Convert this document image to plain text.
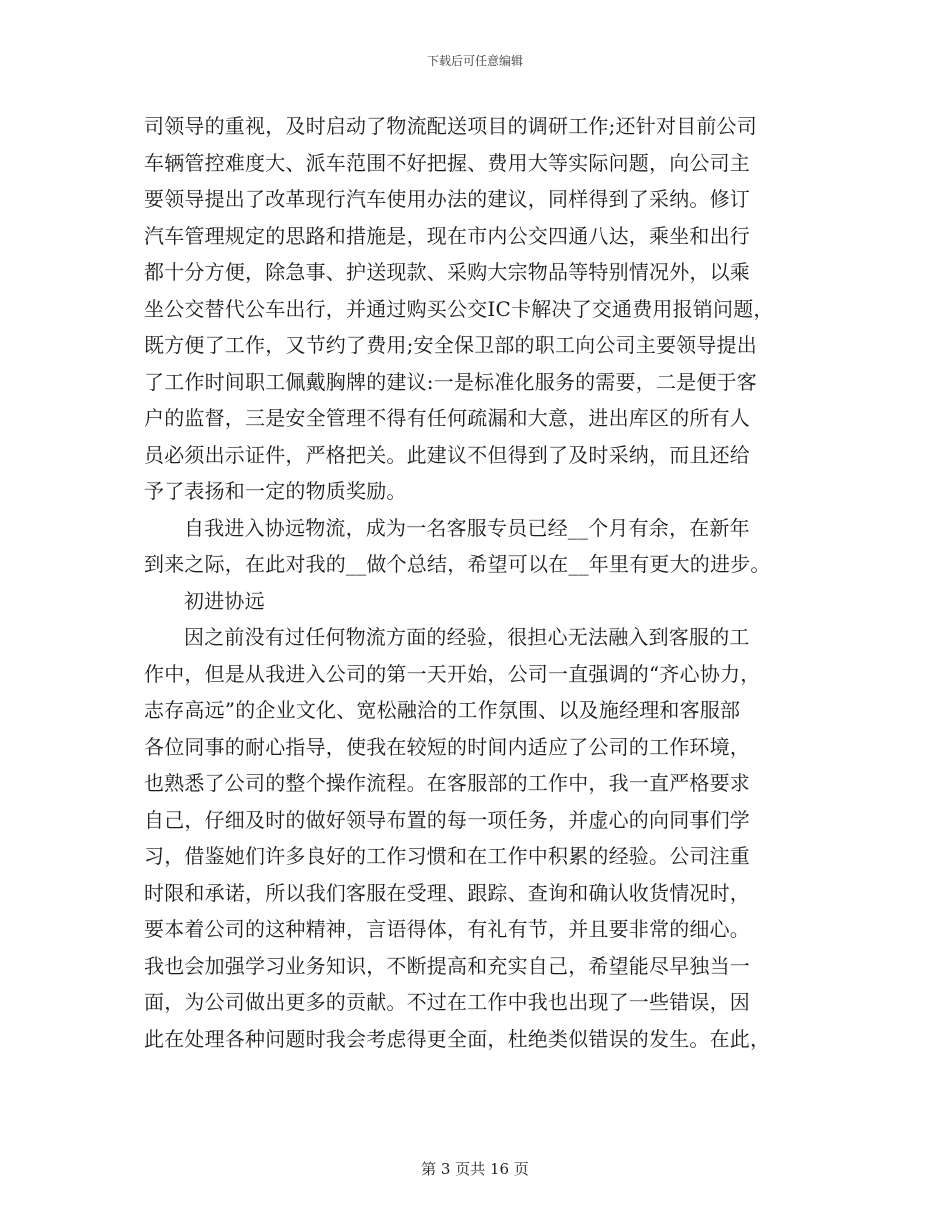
下载后可任意编辑
司领导的重视，及时启动了物流配送项目的调研工作;还针对目前公司
车辆管控难度大、派车范围不好把握、费用大等实际问题，向公司主
要领导提出了改革现行汽车使用办法的建议，同样得到了采纳。修订
汽车管理规定的思路和措施是，现在市内公交四通八达，乘坐和出行
都十分方便，除急事、护送现款、采购大宗物品等特别情况外，以乘
坐公交替代公车出行，并通过购买公交IC卡解决了交通费用报销问题，
既方便了工作，又节约了费用;安全保卫部的职工向公司主要领导提出
了工作时间职工佩戴胸牌的建议:一是标准化服务的需要，二是便于客
户的监督，三是安全管理不得有任何疏漏和大意，进出库区的所有人
员必须出示证件，严格把关。此建议不但得到了及时采纳，而且还给
予了表扬和一定的物质奖励。
自我进入协远物流，成为一名客服专员已经__个月有余，在新年
到来之际，在此对我的__做个总结，希望可以在__年里有更大的进步。
初进协远
因之前没有过任何物流方面的经验，很担心无法融入到客服的工
作中，但是从我进入公司的第一天开始，公司一直强调的“齐心协力，
志存高远”的企业文化、宽松融洽的工作氛围、以及施经理和客服部
各位同事的耐心指导，使我在较短的时间内适应了公司的工作环境，
也熟悉了公司的整个操作流程。在客服部的工作中，我一直严格要求
自己，仔细及时的做好领导布置的每一项任务，并虚心的向同事们学
习，借鉴她们许多良好的工作习惯和在工作中积累的经验。公司注重
时限和承诺，所以我们客服在受理、跟踪、查询和确认收货情况时，
要本着公司的这种精神，言语得体，有礼有节，并且要非常的细心。
我也会加强学习业务知识，不断提高和充实自己，希望能尽早独当一
面，为公司做出更多的贡献。不过在工作中我也出现了一些错误，因
此在处理各种问题时我会考虑得更全面，杜绝类似错误的发生。在此，
第 3 页共 16 页
